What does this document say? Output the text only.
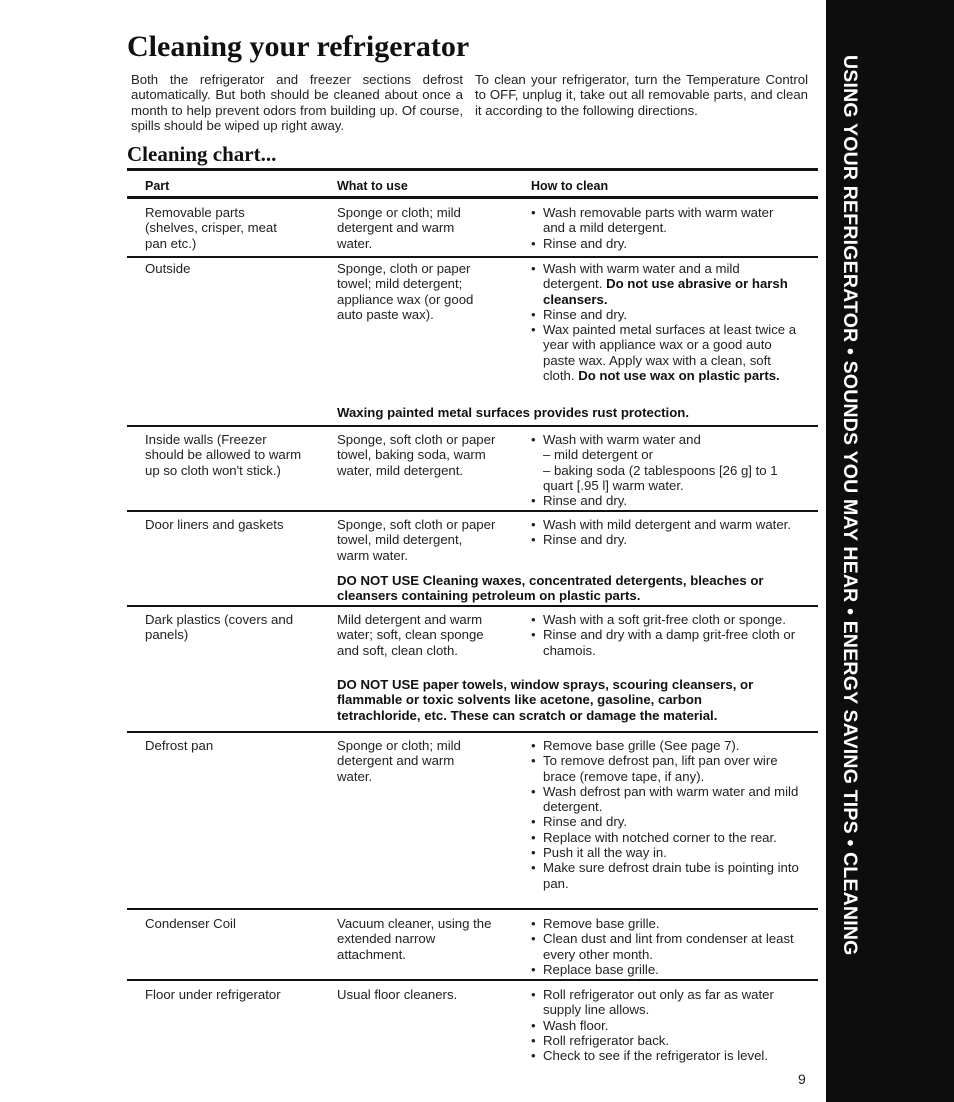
Cleaning your refrigerator
Both the refrigerator and freezer sections defrost automatically. But both should be cleaned about once a month to help prevent odors from building up. Of course, spills should be wiped up right away.
To clean your refrigerator, turn the Temperature Control to OFF, unplug it, take out all removable parts, and clean it according to the following directions.
Cleaning chart...
Part	What to use	How to clean
Removable parts (shelves, crisper, meat pan etc.)
Sponge or cloth; mild detergent and warm water.
• Wash removable parts with warm water and a mild detergent.
• Rinse and dry.
Outside	Sponge, cloth or paper towel; mild detergent; appliance wax (or good auto paste wax).
• Wash with warm water and a mild detergent. Do not use abrasive or harsh cleansers.
• Rinse and dry.
• Wax painted metal surfaces at least twice a year with appliance wax or a good auto paste wax. Apply wax with a clean, soft cloth. Do not use wax on plastic parts.
Waxing painted metal surfaces provides rust protection.
Inside walls (Freezer should be allowed to warm up so cloth won't stick.)
Sponge, soft cloth or paper towel, baking soda, warm water, mild detergent.
• Wash with warm water and
– mild detergent or
– baking soda (2 tablespoons [26 g] to 1 quart [.95 l] warm water.
• Rinse and dry.
Door liners and gaskets	Sponge, soft cloth or paper towel, mild detergent, warm water.
• Wash with mild detergent and warm water.
• Rinse and dry.
DO NOT USE Cleaning waxes, concentrated detergents, bleaches or cleansers containing petroleum on plastic parts.
Dark plastics (covers and panels)
Mild detergent and warm water; soft, clean sponge and soft, clean cloth.
• Wash with a soft grit-free cloth or sponge.
• Rinse and dry with a damp grit-free cloth or chamois.
DO NOT USE paper towels, window sprays, scouring cleansers, or flammable or toxic solvents like acetone, gasoline, carbon tetrachloride, etc. These can scratch or damage the material.
Defrost pan	Sponge or cloth; mild detergent and warm water.
• Remove base grille (See page 7).
• To remove defrost pan, lift pan over wire brace (remove tape, if any).
• Wash defrost pan with warm water and mild detergent.
• Rinse and dry.
• Replace with notched corner to the rear.
• Push it all the way in.
• Make sure defrost drain tube is pointing into pan.
Condenser Coil	Vacuum cleaner, using the extended narrow attachment.
• Remove base grille.
• Clean dust and lint from condenser at least every other month.
• Replace base grille.
Floor under refrigerator	Usual floor cleaners.
•	Roll refrigerator out only as far as water supply line allows.
• Wash floor.
• Roll refrigerator back.
• Check to see if the refrigerator is level.
9
USING YOUR REFRIGERATOR • SOUNDS YOU MAY HEAR • ENERGY SAVING TIPS • CLEANING
